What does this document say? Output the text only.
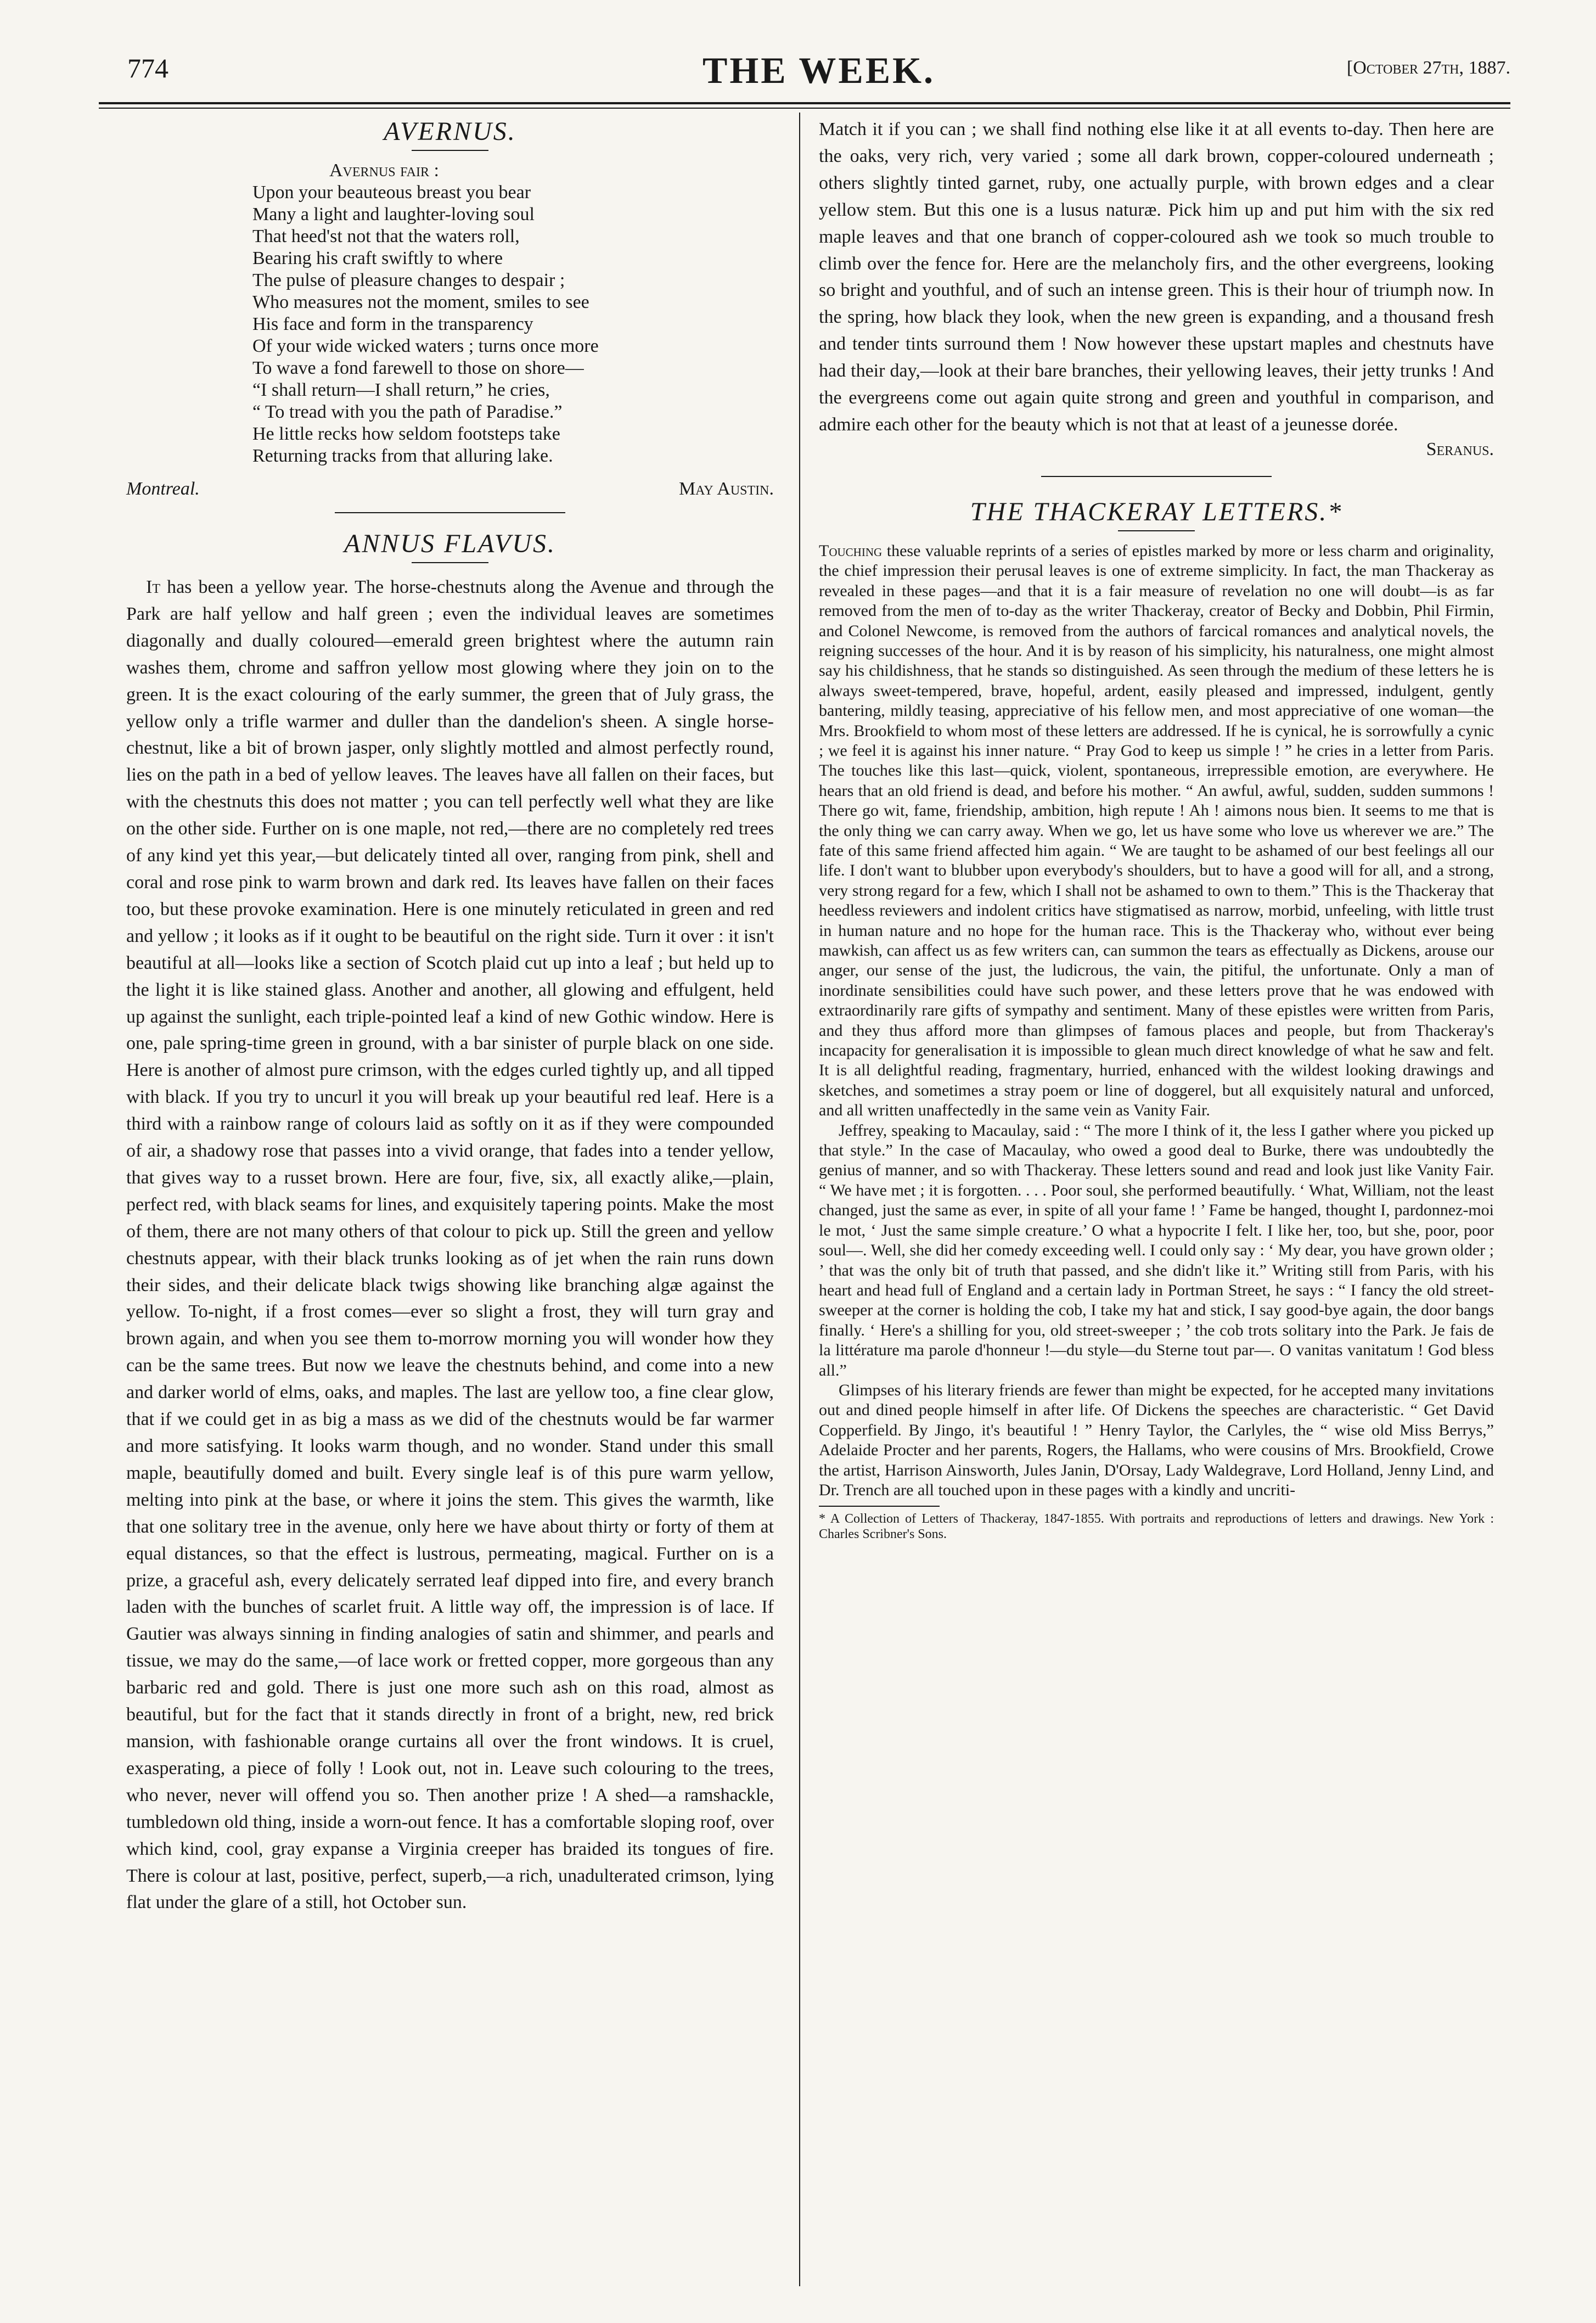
774	THE WEEK.	[October 27th, 1887.
AVERNUS.
Avernus fair :
Upon your beauteous breast you bear
Many a light and laughter-loving soul
That heed'st not that the waters roll,
Bearing his craft swiftly to where
The pulse of pleasure changes to despair ;
Who measures not the moment, smiles to see
His face and form in the transparency
Of your wide wicked waters ; turns once more
To wave a fond farewell to those on shore—
“I shall return—I shall return,” he cries,
“ To tread with you the path of Paradise.”
He little recks how seldom footsteps take
Returning tracks from that alluring lake.
Montreal.	May Austin.
ANNUS FLAVUS.

It has been a yellow year. The horse-chestnuts along the Avenue and through the Park are half yellow and half green ; even the individual leaves are sometimes diagonally and dually coloured—emerald green brightest where the autumn rain washes them, chrome and saffron yellow most glowing where they join on to the green. It is the exact colouring of the early summer, the green that of July grass, the yellow only a trifle warmer and duller than the dandelion's sheen. A single horse-chestnut, like a bit of brown jasper, only slightly mottled and almost perfectly round, lies on the path in a bed of yellow leaves. The leaves have all fallen on their faces, but with the chestnuts this does not matter ; you can tell perfectly well what they are like on the other side. Further on is one maple, not red,—there are no completely red trees of any kind yet this year,—but delicately tinted all over, ranging from pink, shell and coral and rose pink to warm brown and dark red. Its leaves have fallen on their faces too, but these provoke examination. Here is one minutely reticulated in green and red and yellow ; it looks as if it ought to be beautiful on the right side. Turn it over : it isn't beautiful at all—looks like a section of Scotch plaid cut up into a leaf ; but held up to the light it is like stained glass. Another and another, all glowing and effulgent, held up against the sunlight, each triple-pointed leaf a kind of new Gothic window. Here is one, pale spring-time green in ground, with a bar sinister of purple black on one side. Here is another of almost pure crimson, with the edges curled tightly up, and all tipped with black. If you try to uncurl it you will break up your beautiful red leaf. Here is a third with a rainbow range of colours laid as softly on it as if they were compounded of air, a shadowy rose that passes into a vivid orange, that fades into a tender yellow, that gives way to a russet brown. Here are four, five, six, all exactly alike,—plain, perfect red, with black seams for lines, and exquisitely tapering points. Make the most of them, there are not many others of that colour to pick up. Still the green and yellow chestnuts appear, with their black trunks looking as of jet when the rain runs down their sides, and their delicate black twigs showing like branching algæ against the yellow. To-night, if a frost comes—ever so slight a frost, they will turn gray and brown again, and when you see them to-morrow morning you will wonder how they can be the same trees. But now we leave the chestnuts behind, and come into a new and darker world of elms, oaks, and maples. The last are yellow too, a fine clear glow, that if we could get in as big a mass as we did of the chestnuts would be far warmer and more satisfying. It looks warm though, and no wonder. Stand under this small maple, beautifully domed and built. Every single leaf is of this pure warm yellow, melting into pink at the base, or where it joins the stem. This gives the warmth, like that one solitary tree in the avenue, only here we have about thirty or forty of them at equal distances, so that the effect is lustrous, permeating, magical. Further on is a prize, a graceful ash, every delicately serrated leaf dipped into fire, and every branch laden with the bunches of scarlet fruit. A little way off, the impression is of lace. If Gautier was always sinning in finding analogies of satin and shimmer, and pearls and tissue, we may do the same,—of lace work or fretted copper, more gorgeous than any barbaric red and gold. There is just one more such ash on this road, almost as beautiful, but for the fact that it stands directly in front of a bright, new, red brick mansion, with fashionable orange curtains all over the front windows. It is cruel, exasperating, a piece of folly ! Look out, not in. Leave such colouring to the trees, who never, never will offend you so. Then another prize ! A shed—a ramshackle, tumbledown old thing, inside a worn-out fence. It has a comfortable sloping roof, over which kind, cool, gray expanse a Virginia creeper has braided its tongues of fire. There is colour at last, positive, perfect, superb,—a rich, unadulterated crimson, lying flat under the glare of a still, hot October sun.

Match it if you can ; we shall find nothing else like it at all events to-day. Then here are the oaks, very rich, very varied ; some all dark brown, copper-coloured underneath ; others slightly tinted garnet, ruby, one actually purple, with brown edges and a clear yellow stem. But this one is a lusus naturæ. Pick him up and put him with the six red maple leaves and that one branch of copper-coloured ash we took so much trouble to climb over the fence for. Here are the melancholy firs, and the other evergreens, looking so bright and youthful, and of such an intense green. This is their hour of triumph now. In the spring, how black they look, when the new green is expanding, and a thousand fresh and tender tints surround them ! Now however these upstart maples and chestnuts have had their day,—look at their bare branches, their yellowing leaves, their jetty trunks ! And the evergreens come out again quite strong and green and youthful in comparison, and admire each other for the beauty which is not that at least of a jeunesse dorée.

Seranus.
THE THACKERAY LETTERS.*

Touching these valuable reprints of a series of epistles marked by more or less charm and originality, the chief impression their perusal leaves is one of extreme simplicity. In fact, the man Thackeray as revealed in these pages—and that it is a fair measure of revelation no one will doubt—is as far removed from the men of to-day as the writer Thackeray, creator of Becky and Dobbin, Phil Firmin, and Colonel Newcome, is removed from the authors of farcical romances and analytical novels, the reigning successes of the hour. And it is by reason of his simplicity, his naturalness, one might almost say his childishness, that he stands so distinguished. As seen through the medium of these letters he is always sweet-tempered, brave, hopeful, ardent, easily pleased and impressed, indulgent, gently bantering, mildly teasing, appreciative of his fellow men, and most appreciative of one woman—the Mrs. Brookfield to whom most of these letters are addressed. If he is cynical, he is sorrowfully a cynic ; we feel it is against his inner nature. “ Pray God to keep us simple ! ” he cries in a letter from Paris. The touches like this last—quick, violent, spontaneous, irrepressible emotion, are everywhere. He hears that an old friend is dead, and before his mother. “ An awful, awful, sudden, sudden summons ! There go wit, fame, friendship, ambition, high repute ! Ah ! aimons nous bien. It seems to me that is the only thing we can carry away. When we go, let us have some who love us wherever we are.” The fate of this same friend affected him again. “ We are taught to be ashamed of our best feelings all our life. I don't want to blubber upon everybody's shoulders, but to have a good will for all, and a strong, very strong regard for a few, which I shall not be ashamed to own to them.” This is the Thackeray that heedless reviewers and indolent critics have stigmatised as narrow, morbid, unfeeling, with little trust in human nature and no hope for the human race. This is the Thackeray who, without ever being mawkish, can affect us as few writers can, can summon the tears as effectually as Dickens, arouse our anger, our sense of the just, the ludicrous, the vain, the pitiful, the unfortunate. Only a man of inordinate sensibilities could have such power, and these letters prove that he was endowed with extraordinarily rare gifts of sympathy and sentiment. Many of these epistles were written from Paris, and they thus afford more than glimpses of famous places and people, but from Thackeray's incapacity for generalisation it is impossible to glean much direct knowledge of what he saw and felt. It is all delightful reading, fragmentary, hurried, enhanced with the wildest looking drawings and sketches, and sometimes a stray poem or line of doggerel, but all exquisitely natural and unforced, and all written unaffectedly in the same vein as Vanity Fair.

Jeffrey, speaking to Macaulay, said : “ The more I think of it, the less I gather where you picked up that style.” In the case of Macaulay, who owed a good deal to Burke, there was undoubtedly the genius of manner, and so with Thackeray. These letters sound and read and look just like Vanity Fair. “ We have met ; it is forgotten. . . . Poor soul, she performed beautifully. ‘ What, William, not the least changed, just the same as ever, in spite of all your fame ! ’ Fame be hanged, thought I, pardonnez-moi le mot, ‘ Just the same simple creature.’ O what a hypocrite I felt. I like her, too, but she, poor, poor soul—. Well, she did her comedy exceeding well. I could only say : ‘ My dear, you have grown older ; ’ that was the only bit of truth that passed, and she didn't like it.” Writing still from Paris, with his heart and head full of England and a certain lady in Portman Street, he says : “ I fancy the old street-sweeper at the corner is holding the cob, I take my hat and stick, I say good-bye again, the door bangs finally. ‘ Here's a shilling for you, old street-sweeper ; ’ the cob trots solitary into the Park. Je fais de la littérature ma parole d'honneur !—du style—du Sterne tout par—. O vanitas vanitatum ! God bless all.”

Glimpses of his literary friends are fewer than might be expected, for he accepted many invitations out and dined people himself in after life. Of Dickens the speeches are characteristic. “ Get David Copperfield. By Jingo, it's beautiful ! ” Henry Taylor, the Carlyles, the “ wise old Miss Berrys,” Adelaide Procter and her parents, Rogers, the Hallams, who were cousins of Mrs. Brookfield, Crowe the artist, Harrison Ainsworth, Jules Janin, D'Orsay, Lady Waldegrave, Lord Holland, Jenny Lind, and Dr. Trench are all touched upon in these pages with a kindly and uncriti-

* A Collection of Letters of Thackeray, 1847-1855. With portraits and reproductions of letters and drawings. New York : Charles Scribner's Sons.
